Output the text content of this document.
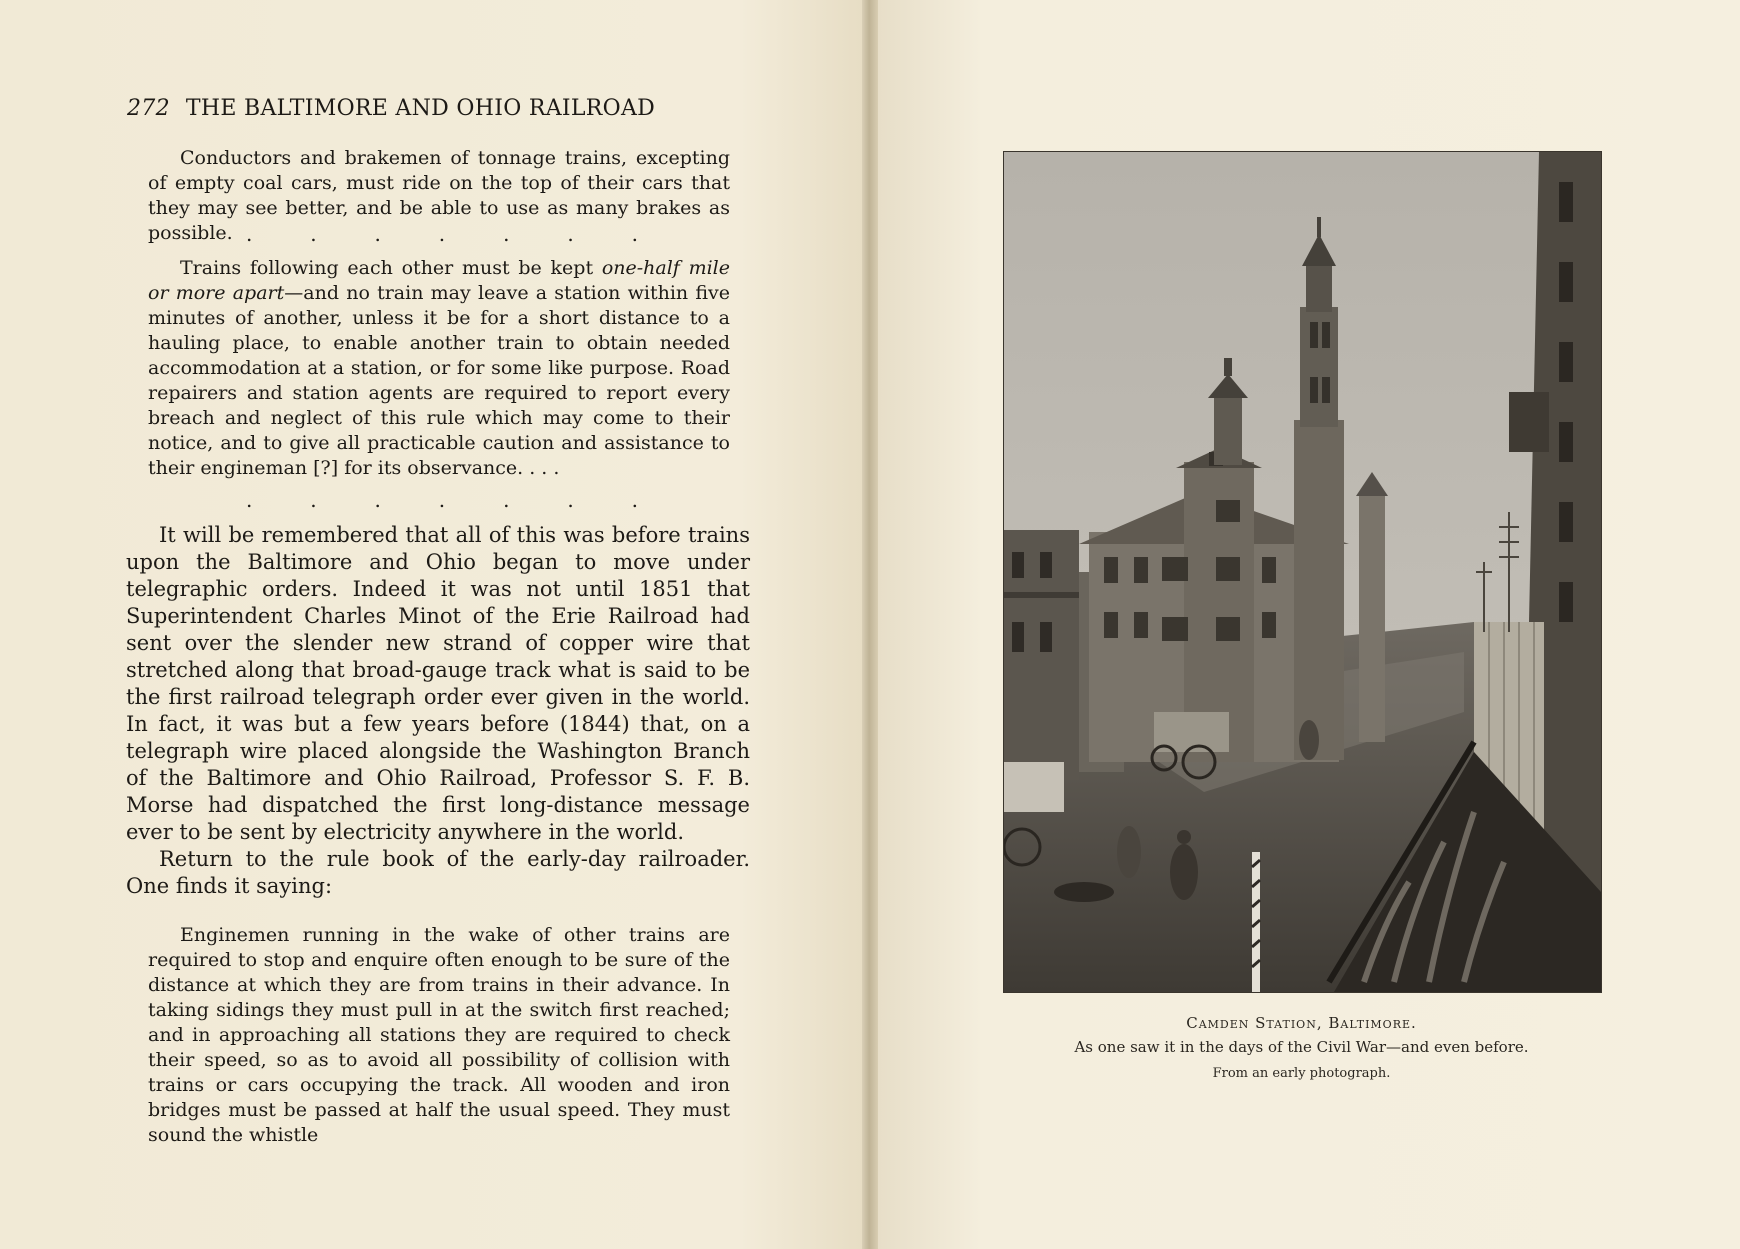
272 THE BALTIMORE AND OHIO RAILROAD

Conductors and brakemen of tonnage trains, excepting of empty coal cars, must ride on the top of their cars that they may see better, and be able to use as many brakes as possible. .	.	.	.	.	.	.

Trains following each other must be kept one-half mile or more apart—and no train may leave a station within five minutes of another, unless it be for a short distance to a hauling place, to enable another train to obtain needed accommodation at a station, or for some like purpose. Road repairers and station agents are required to report every breach and neglect of this rule which may come to their notice, and to give all practicable caution and assistance to their engineman [?] for its observance. . . .

.	.	.	.	.	.	.

It will be remembered that all of this was before trains upon the Baltimore and Ohio began to move under telegraphic orders. Indeed it was not until 1851 that Superintendent Charles Minot of the Erie Railroad had sent over the slender new strand of copper wire that stretched along that broad-gauge track what is said to be the first railroad telegraph order ever given in the world. In fact, it was but a few years before (1844) that, on a telegraph wire placed alongside the Washington Branch of the Baltimore and Ohio Railroad, Professor S. F. B. Morse had dispatched the first long-distance message ever to be sent by electricity anywhere in the world.

Return to the rule book of the early-day railroader. One finds it saying:

Enginemen running in the wake of other trains are required to stop and enquire often enough to be sure of the distance at which they are from trains in their advance. In taking sidings they must pull in at the switch first reached; and in approaching all stations they are required to check their speed, so as to avoid all possibility of collision with trains or cars occupying the track. All wooden and iron bridges must be passed at half the usual speed. They must sound the whistle

Camden Station, Baltimore.
As one saw it in the days of the Civil War—and even before.
From an early photograph.
